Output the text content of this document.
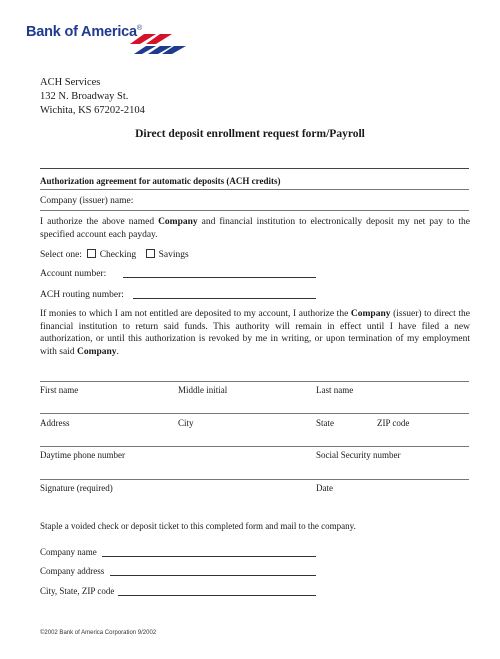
Bank of America®
ACH Services
132 N. Broadway St.
Wichita, KS 67202-2104
Direct deposit enrollment request form/Payroll
Authorization agreement for automatic deposits (ACH credits)
Company (issuer) name:
I authorize the above named Company and financial institution to electronically deposit my net pay to the specified account each payday.
Select one: Checking Savings
Account number:
ACH routing number:
If monies to which I am not entitled are deposited to my account, I authorize the Company (issuer) to direct the financial institution to return said funds. This authority will remain in effect until I have filed a new authorization, or until this authorization is revoked by me in writing, or upon termination of my employment with said Company.
First name	Middle initial	Last name
Address	City	State	ZIP code
Daytime phone number	Social Security number
Signature (required)	Date
Staple a voided check or deposit ticket to this completed form and mail to the company.
Company name
Company address
City, State, ZIP code
©2002 Bank of America Corporation 9/2002
